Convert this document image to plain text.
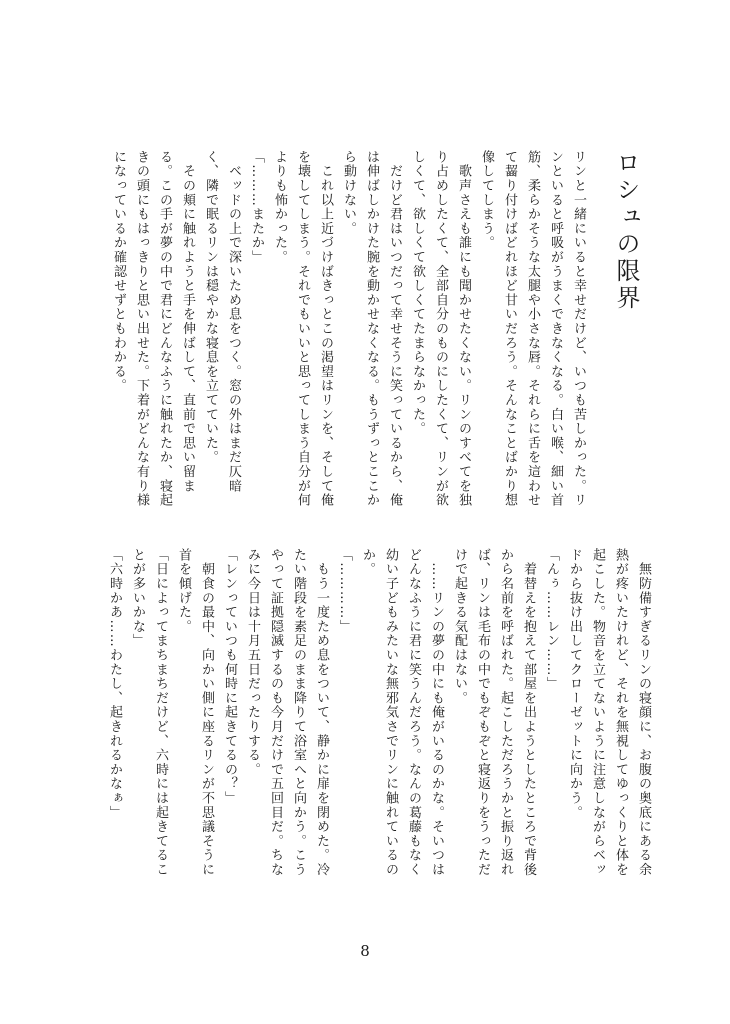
ロシュの限界

リンと一緒にいると幸せだけど、いつも苦しかった。リンといると呼吸がうまくできなくなる。白い喉、細い首筋、柔らかそうな太腿や小さな唇。それらに舌を這わせて齧り付けばどれほど甘いだろう。そんなことばかり想像してしまう。

　歌声さえも誰にも聞かせたくない。リンのすべてを独り占めしたくて、全部自分のものにしたくて、リンが欲しくて、欲しくて欲しくてたまらなかった。

　だけど君はいつだって幸せそうに笑っているから、俺は伸ばしかけた腕を動かせなくなる。もうずっとここから動けない。

　これ以上近づけばきっとこの渇望はリンを、そして俺を壊してしまう。それでもいいと思ってしまう自分が何よりも怖かった。

「………またか」

　ベッドの上で深いため息をつく。窓の外はまだ仄暗く、隣で眠るリンは穏やかな寝息を立てていた。

　その頬に触れようと手を伸ばして、直前で思い留まる。この手が夢の中で君にどんなふうに触れたか、寝起きの頭にもはっきりと思い出せた。下着がどんな有り様になっているか確認せずともわかる。

　無防備すぎるリンの寝顔に、お腹の奥底にある余熱が疼いたけれど、それを無視してゆっくりと体を起こした。物音を立てないように注意しながらベッドから抜け出してクローゼットに向かう。

「んぅ……レン……」

　着替えを抱えて部屋を出ようとしたところで背後から名前を呼ばれた。起こしただろうかと振り返れば、リンは毛布の中でもぞもぞと寝返りをうっただけで起きる気配はない。

　……リンの夢の中にも俺がいるのかな。そいつはどんなふうに君に笑うんだろう。なんの葛藤もなく幼い子どもみたいな無邪気さでリンに触れているのか。

「…………」

　もう一度ため息をついて、静かに扉を閉めた。冷たい階段を素足のまま降りて浴室へと向かう。こうやって証拠隠滅するのも今月だけで五回目だ。ちなみに今日は十月五日だったりする。

「レンっていつも何時に起きてるの？」

　朝食の最中、向かい側に座るリンが不思議そうに首を傾げた。

「日によってまちまちだけど、六時には起きてることが多いかな」

「六時かあ……わたし、起きれるかなぁ」

8
